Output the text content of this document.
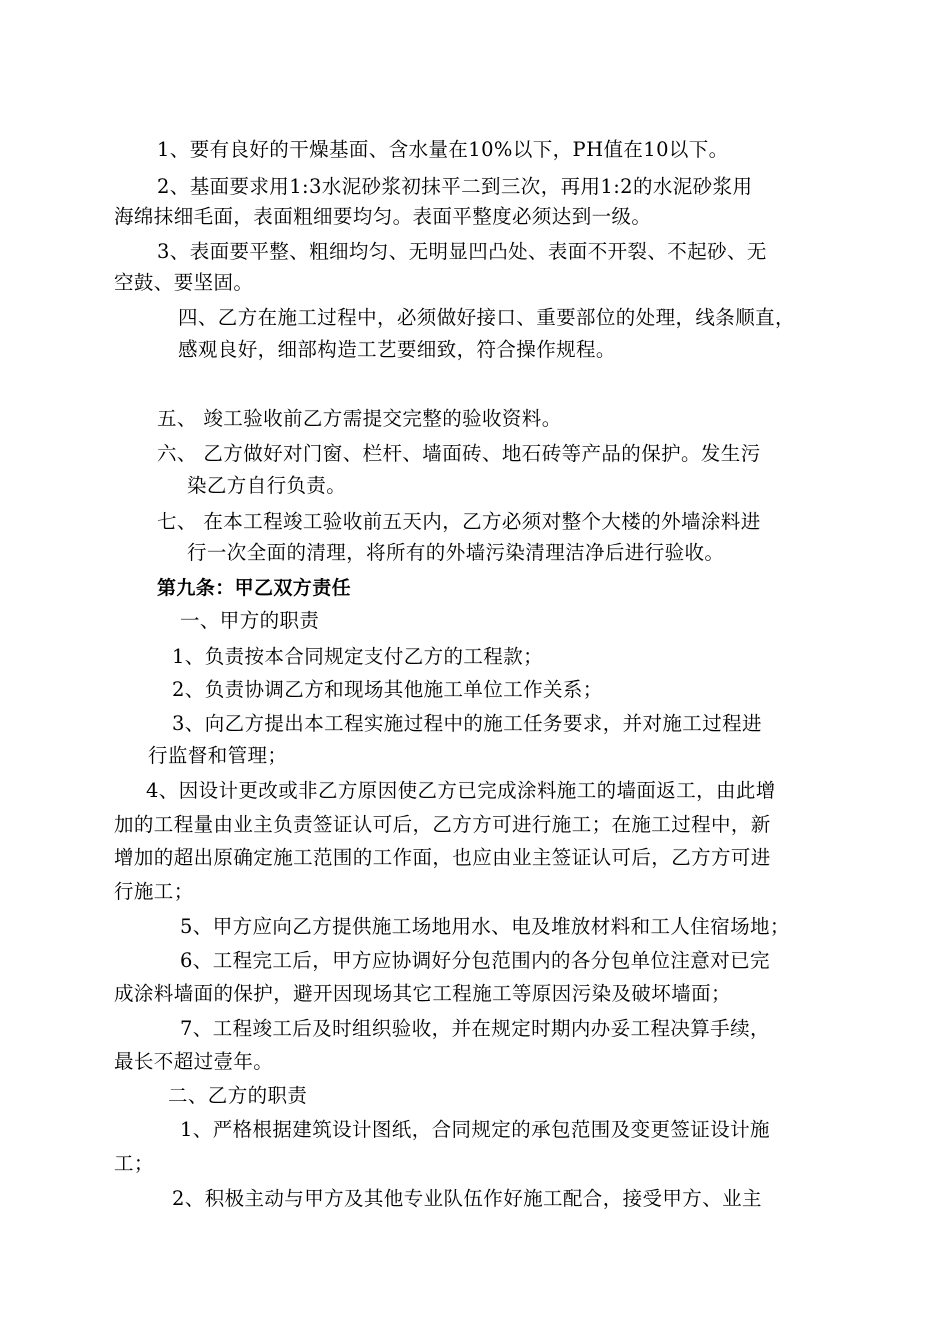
1、要有良好的干燥基面、含水量在10%以下，PH值在10以下。
2、基面要求用1:3水泥砂浆初抹平二到三次，再用1:2的水泥砂浆用
海绵抹细毛面，表面粗细要均匀。表面平整度必须达到一级。
3、表面要平整、粗细均匀、无明显凹凸处、表面不开裂、不起砂、无
空鼓、要坚固。
四、乙方在施工过程中，必须做好接口、重要部位的处理，线条顺直，
感观良好，细部构造工艺要细致，符合操作规程。
五、 竣工验收前乙方需提交完整的验收资料。
六、 乙方做好对门窗、栏杆、墙面砖、地石砖等产品的保护。发生污
染乙方自行负责。
七、 在本工程竣工验收前五天内，乙方必须对整个大楼的外墙涂料进
行一次全面的清理，将所有的外墙污染清理洁净后进行验收。
第九条：甲乙双方责任
一、甲方的职责
1、负责按本合同规定支付乙方的工程款；
2、负责协调乙方和现场其他施工单位工作关系；
3、向乙方提出本工程实施过程中的施工任务要求，并对施工过程进
行监督和管理；
4、因设计更改或非乙方原因使乙方已完成涂料施工的墙面返工，由此增
加的工程量由业主负责签证认可后，乙方方可进行施工；在施工过程中，新
增加的超出原确定施工范围的工作面，也应由业主签证认可后，乙方方可进
行施工；
5、甲方应向乙方提供施工场地用水、电及堆放材料和工人住宿场地；
6、工程完工后，甲方应协调好分包范围内的各分包单位注意对已完
成涂料墙面的保护，避开因现场其它工程施工等原因污染及破坏墙面；
7、工程竣工后及时组织验收，并在规定时期内办妥工程决算手续，
最长不超过壹年。
二、乙方的职责
1、严格根据建筑设计图纸，合同规定的承包范围及变更签证设计施
工；
2、积极主动与甲方及其他专业队伍作好施工配合，接受甲方、业主
